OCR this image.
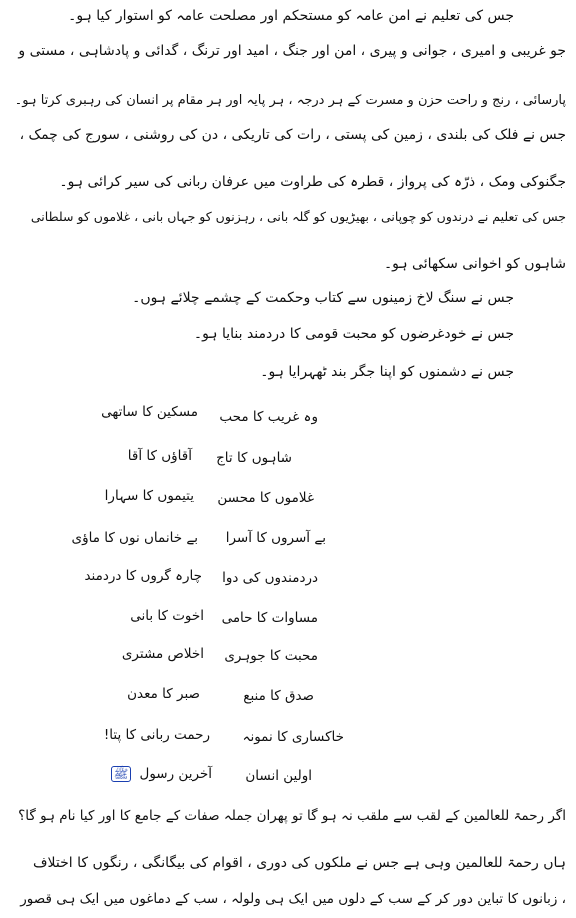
جس کی تعلیم نے امن عامہ کو مستحکم اور مصلحت عامہ کو استوار کیا ہو۔
جو غریبی و امیری ، جوانی و پیری ، امن اور جنگ ، امید اور ترنگ ، گدائی و پادشاہی ، مستی و
پارسائی ، رنج و راحت حزن و مسرت کے ہر درجہ ، ہر پایہ اور ہر مقام پر انسان کی رہبری کرتا ہو۔
جس نے فلک کی بلندی ، زمین کی پستی ، رات کی تاریکی ، دن کی روشنی ، سورج کی چمک ،
جگنوکی ومک ، ذرّہ کی پرواز ، قطرہ کی طراوت میں عرفان ربانی کی سیر کرائی ہو۔
جس کی تعلیم نے درندوں کو چوپانی ، بھیڑیوں کو گلہ بانی ، رہزنوں کو جہاں بانی ، غلاموں کو سلطانی
شاہوں کو اخوانی سکھائی ہو۔
جس نے سنگ لاخ زمینوں سے کتاب وحکمت کے چشمے چلائے ہوں۔
جس نے خودغرضوں کو محبت قومی کا دردمند بنایا ہو۔
جس نے دشمنوں کو اپنا جگر بند ٹھہرایا ہو۔
وہ غریب کا محب
مسکین کا ساتھی
شاہوں کا تاج
آقاؤں کا آقا
غلاموں کا محسن
یتیموں کا سہارا
بے آسروں کا آسرا
بے خانماں نوں کا ماؤی
دردمندوں کی دوا
چارہ گروں کا دردمند
مساوات کا حامی
اخوت کا بانی
محبت کا جوہری
اخلاص مشتری
صدق کا منبع
صبر کا معدن
خاکساری کا نمونہ
رحمت ربانی کا پتا!
اولین انسان
آخرین رسول ﷺ
اگر رحمۃ للعالمین کے لقب سے ملقب نہ ہو گا تو پھران جملہ صفات کے جامع کا اور کیا نام ہو گا؟
ہاں رحمۃ للعالمین وہی ہے جس نے ملکوں کی دوری ، اقوام کی بیگانگی ، رنگوں کا اختلاف
، زبانوں کا تباین دور کر کے سب کے دلوں میں ایک ہی ولولہ ، سب کے دماغوں میں ایک ہی قصور
